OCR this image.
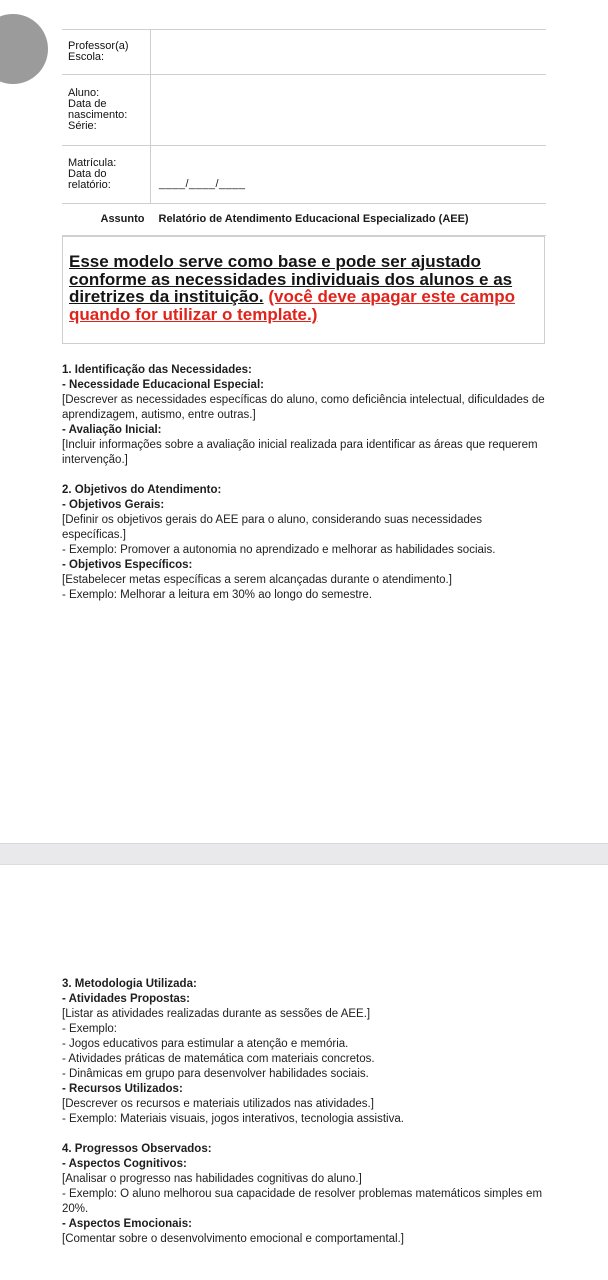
Professor(a)
Escola:	
Aluno:
Data de
nascimento:
Série:	
Matrícula:
Data do
relatório:	____/____/____

Assunto	Relatório de Atendimento Educacional Especializado (AEE)
Esse modelo serve como base e pode ser ajustado conforme as necessidades individuais dos alunos e as diretrizes da instituição. (você deve apagar este campo quando for utilizar o template.)

1. Identificação das Necessidades:

- Necessidade Educacional Especial:

[Descrever as necessidades específicas do aluno, como deficiência intelectual, dificuldades de aprendizagem, autismo, entre outras.]

- Avaliação Inicial:

[Incluir informações sobre a avaliação inicial realizada para identificar as áreas que requerem intervenção.]

2. Objetivos do Atendimento:

- Objetivos Gerais:

[Definir os objetivos gerais do AEE para o aluno, considerando suas necessidades específicas.]

- Exemplo: Promover a autonomia no aprendizado e melhorar as habilidades sociais.

- Objetivos Específicos:

[Estabelecer metas específicas a serem alcançadas durante o atendimento.]

- Exemplo: Melhorar a leitura em 30% ao longo do semestre.

3. Metodologia Utilizada:

- Atividades Propostas:

[Listar as atividades realizadas durante as sessões de AEE.]

- Exemplo:

- Jogos educativos para estimular a atenção e memória.

- Atividades práticas de matemática com materiais concretos.

- Dinâmicas em grupo para desenvolver habilidades sociais.

- Recursos Utilizados:

[Descrever os recursos e materiais utilizados nas atividades.]

- Exemplo: Materiais visuais, jogos interativos, tecnologia assistiva.

4. Progressos Observados:

- Aspectos Cognitivos:

[Analisar o progresso nas habilidades cognitivas do aluno.]

- Exemplo: O aluno melhorou sua capacidade de resolver problemas matemáticos simples em 20%.

- Aspectos Emocionais:

[Comentar sobre o desenvolvimento emocional e comportamental.]
